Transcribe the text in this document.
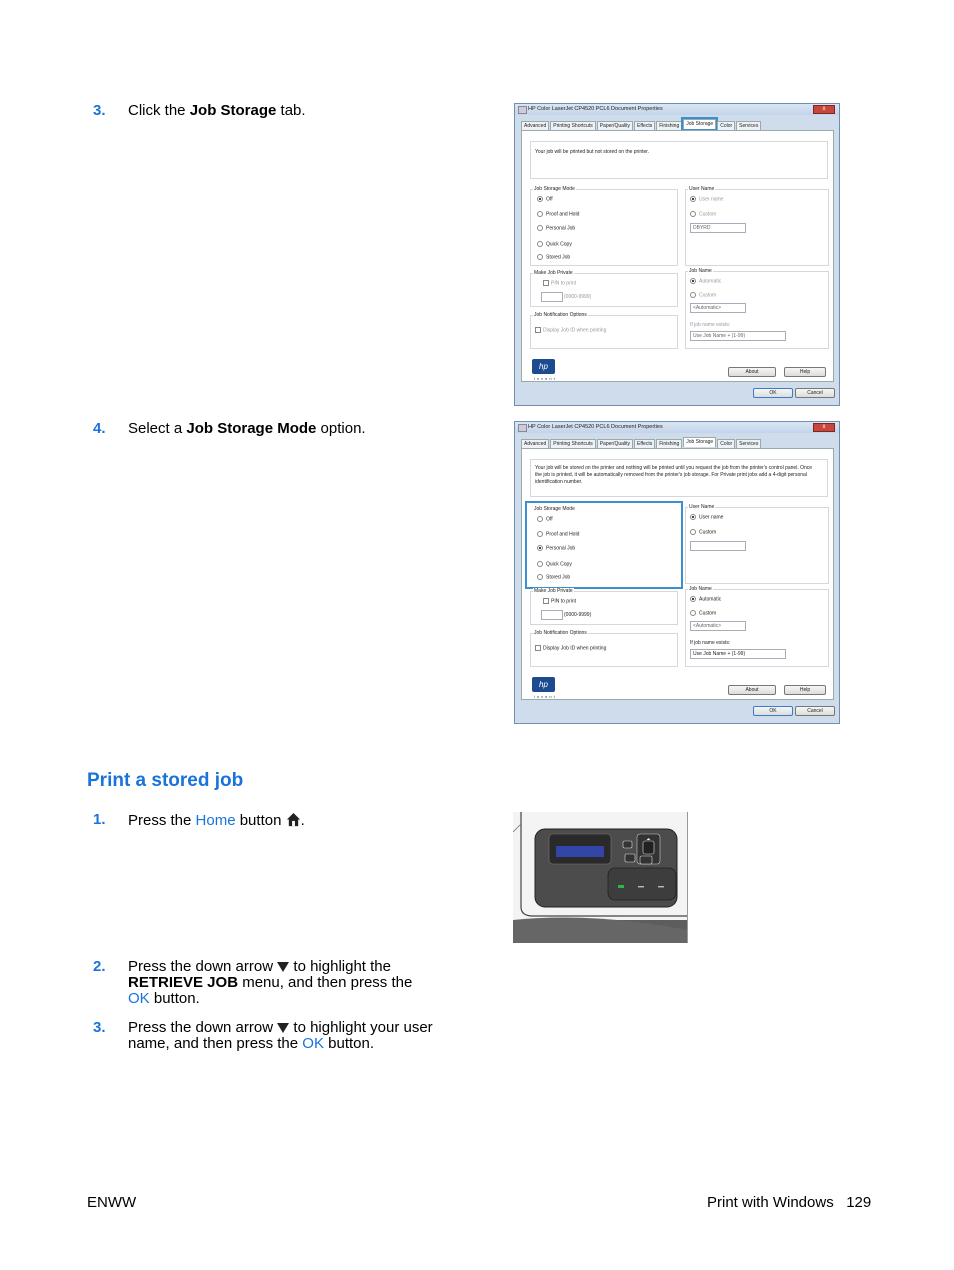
3.	Click the Job Storage tab.
4.	Select a Job Storage Mode option.
HP Color LaserJet CP4520 PCL6 Document Properties	x
Advanced	Printing Shortcuts	Paper/Quality	Effects	Finishing	Job Storage	Color	Services
Your job will be printed but not stored on the printer.
Job Storage Mode
Off
Proof and Hold
Personal Job
Quick Copy
Stored Job
User Name
User name
Custom
DBYRD
Make Job Private
PIN to print
(0000-9999)
Job Notification Options
Display Job ID when printing
Job Name
Automatic
Custom
<Automatic>
If job name exists:
Use Job Name + (1-99)
hp
invent
About	Help
OK	Cancel
HP Color LaserJet CP4520 PCL6 Document Properties	x
Advanced	Printing Shortcuts	Paper/Quality	Effects	Finishing	Job Storage	Color	Services
Your job will be stored on the printer and nothing will be printed until you request the job from the printer's control panel. Once the job is printed, it will be automatically removed from the printer's job storage. For Private print jobs add a 4-digit personal identification number.
Job Storage Mode
Off
Proof and Hold
Personal Job
Quick Copy
Stored Job
User Name
User name
Custom
Make Job Private
PIN to print
(0000-9999)
Job Notification Options
Display Job ID when printing
Job Name
Automatic
Custom
<Automatic>
If job name exists:
Use Job Name + (1-99)
hp
invent
About	Help
OK	Cancel
Print a stored job
1.	Press the Home button .
2.	Press the down arrow  to highlight the
RETRIEVE JOB menu, and then press the
OK button.
3.	Press the down arrow  to highlight your user name, and then press the OK button.
ENWW	Print with Windows 129
